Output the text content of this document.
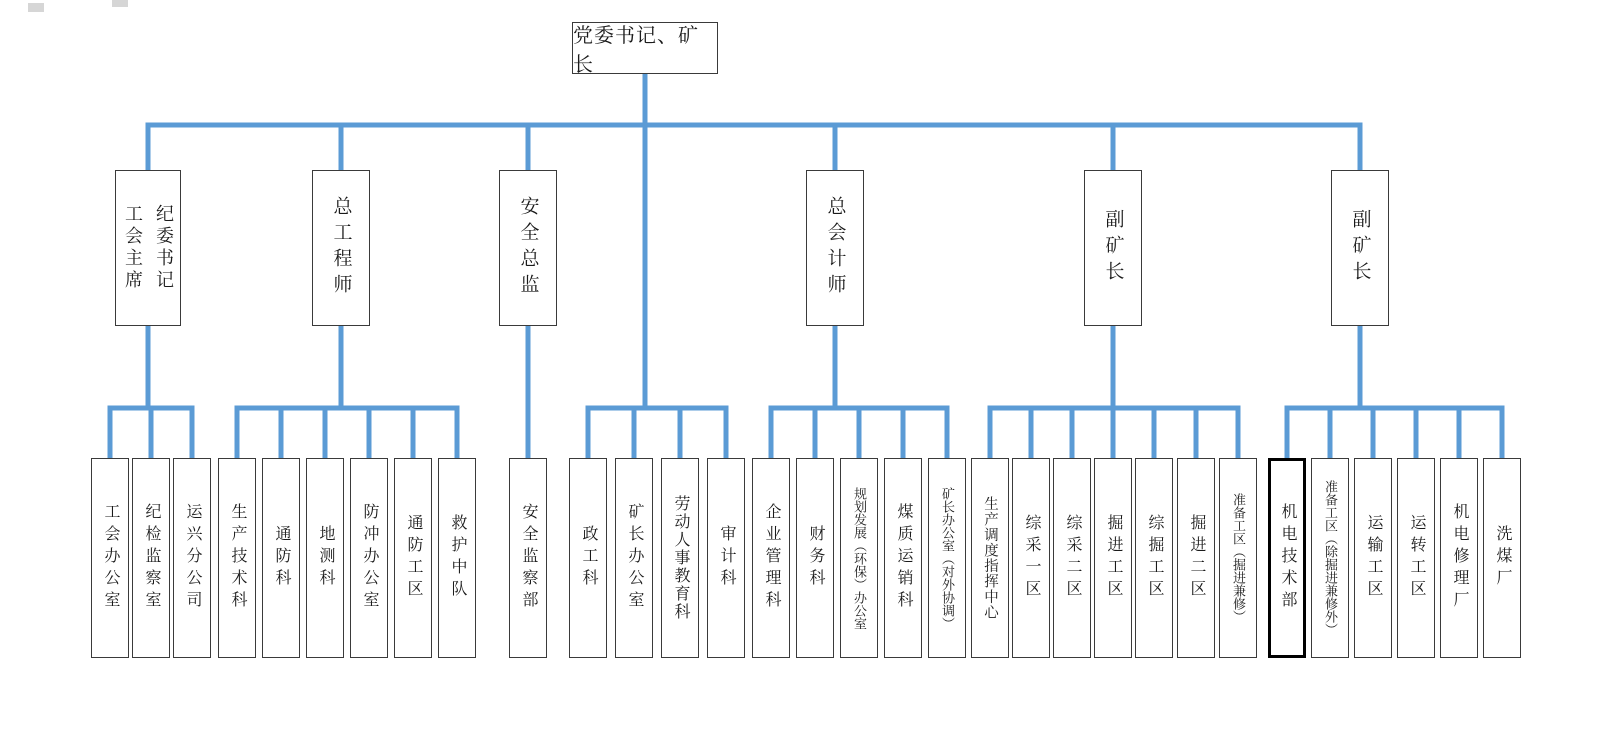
党委书记、矿长
纪委书记
工会主席	总工程师	安全总监	总会计师	副矿长	副矿长
工会办公室	纪检监察室	运兴分公司	生产技术科	通防科	地测科	防冲办公室	通防工区	救护中队	安全监察部	政工科	矿长办公室	劳动人事教育科	审计科	企业管理科	财务科	规划发展（环保）办公室	煤质运销科	矿长办公室（对外协调）	生产调度指挥中心	综采一区	综采二区	掘进工区	综掘工区	掘进二区	准备工区（掘进兼修）	机电技术部	准备工区（除掘进兼修外）	运输工区	运转工区	机电修理厂	洗煤厂
